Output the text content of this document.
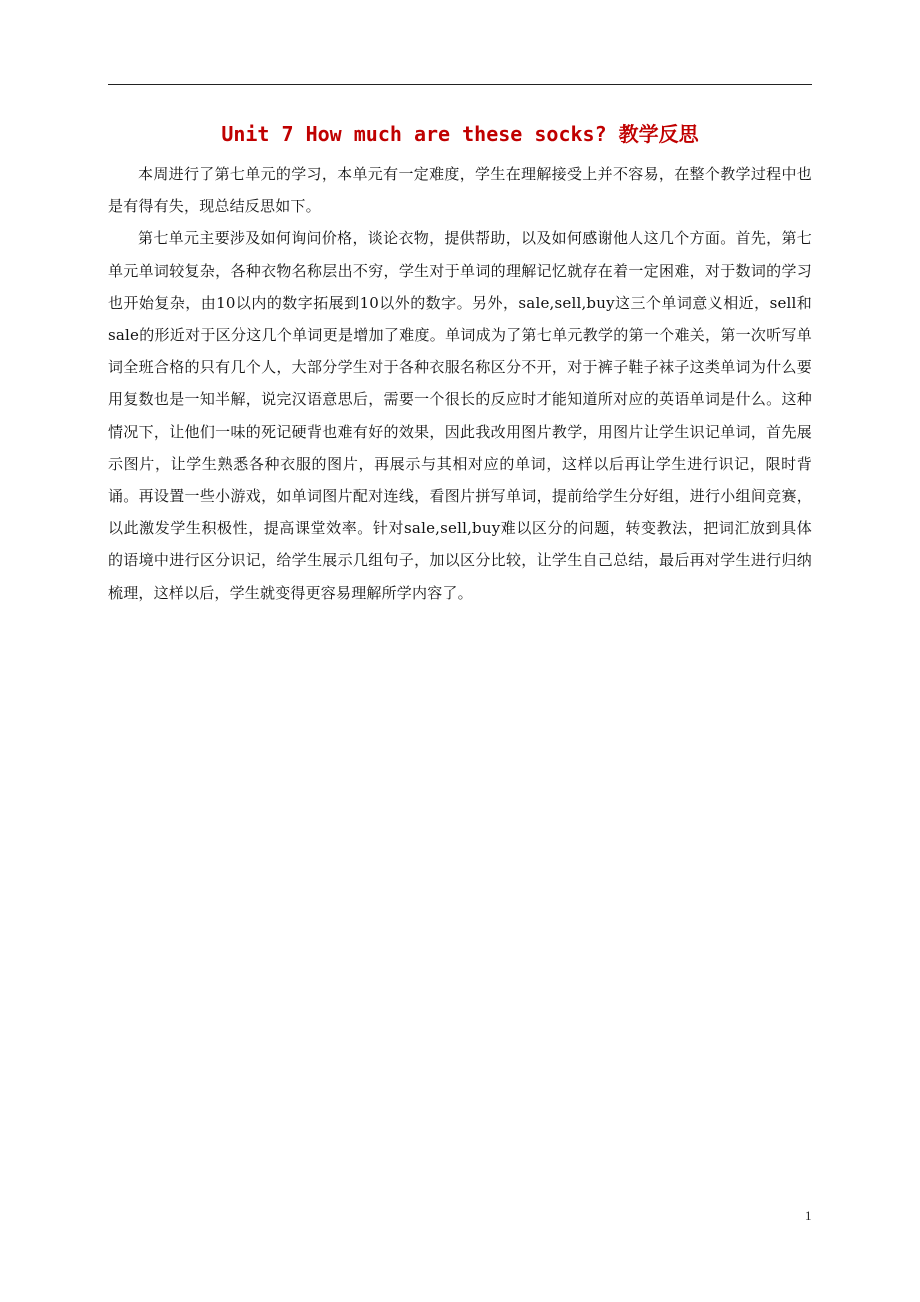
Unit 7 How much are these socks? 教学反思

本周进行了第七单元的学习，本单元有一定难度，学生在理解接受上并不容易，在整个教学过程中也是有得有失，现总结反思如下。

第七单元主要涉及如何询问价格，谈论衣物，提供帮助，以及如何感谢他人这几个方面。首先，第七单元单词较复杂，各种衣物名称层出不穷，学生对于单词的理解记忆就存在着一定困难，对于数词的学习也开始复杂，由10以内的数字拓展到10以外的数字。另外，sale,sell,buy这三个单词意义相近，sell和sale的形近对于区分这几个单词更是增加了难度。单词成为了第七单元教学的第一个难关，第一次听写单词全班合格的只有几个人，大部分学生对于各种衣服名称区分不开，对于裤子鞋子袜子这类单词为什么要用复数也是一知半解，说完汉语意思后，需要一个很长的反应时才能知道所对应的英语单词是什么。这种情况下，让他们一味的死记硬背也难有好的效果，因此我改用图片教学，用图片让学生识记单词，首先展示图片，让学生熟悉各种衣服的图片，再展示与其相对应的单词，这样以后再让学生进行识记，限时背诵。再设置一些小游戏，如单词图片配对连线，看图片拼写单词，提前给学生分好组，进行小组间竞赛，以此激发学生积极性，提高课堂效率。针对sale,sell,buy难以区分的问题，转变教法，把词汇放到具体的语境中进行区分识记，给学生展示几组句子，加以区分比较，让学生自己总结，最后再对学生进行归纳梳理，这样以后，学生就变得更容易理解所学内容了。

1
